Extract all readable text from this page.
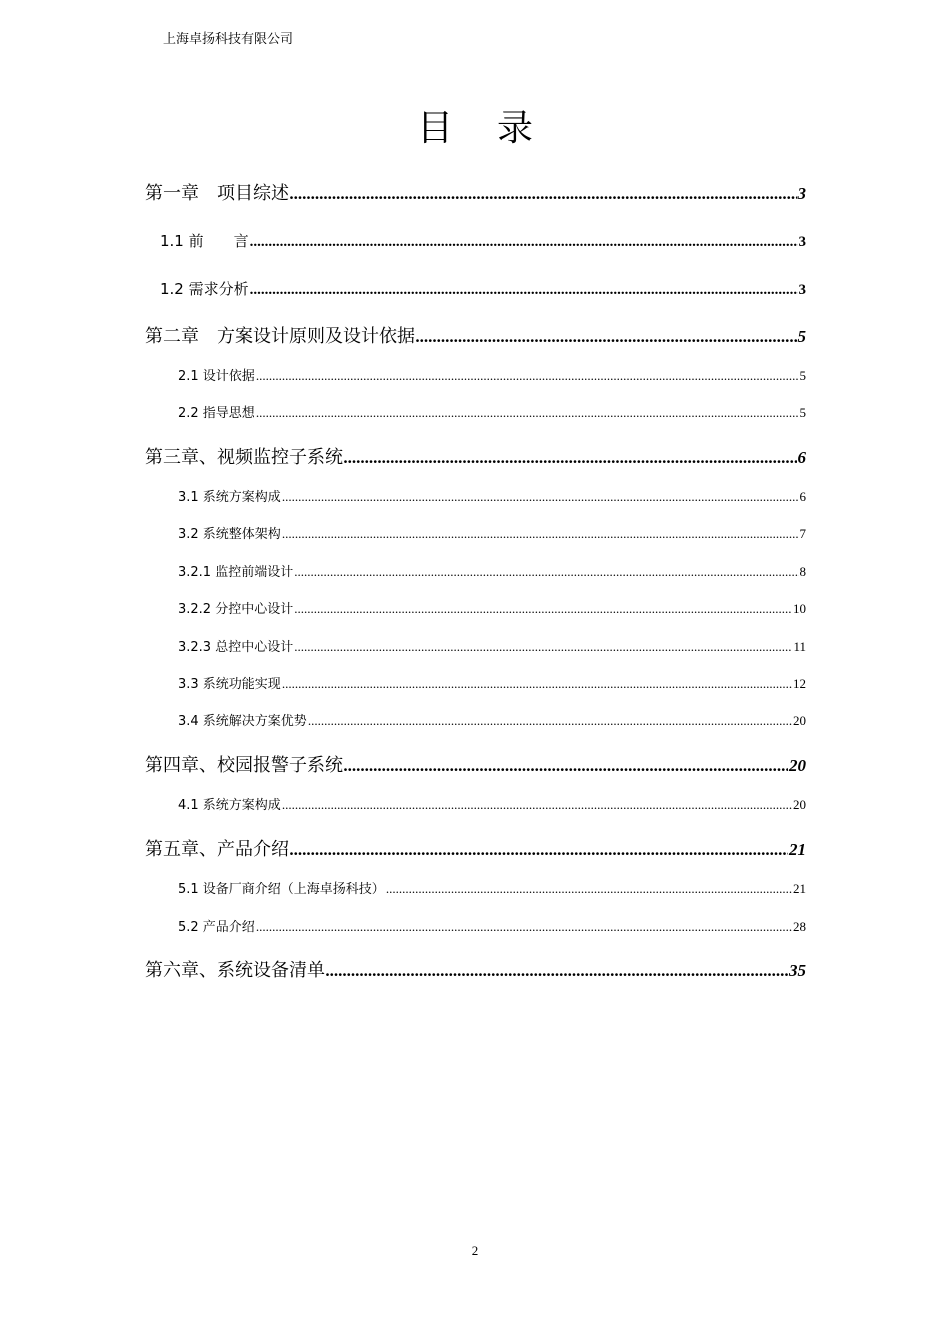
上海卓扬科技有限公司
目录
第一章　项目综述 .....	3
1.1 前　　言 .....	3
1.2 需求分析 .....	3
第二章　方案设计原则及设计依据 .....	5
2.1 设计依据 .....	5
2.2 指导思想 .....	5
第三章、视频监控子系统 .....	6
3.1 系统方案构成 .....	6
3.2 系统整体架构 .....	7
3.2.1 监控前端设计 .....	8
3.2.2 分控中心设计 .....	10
3.2.3 总控中心设计 .....	11
3.3 系统功能实现 .....	12
3.4 系统解决方案优势 .....	20
第四章、校园报警子系统 .....	20
4.1 系统方案构成 .....	20
第五章、产品介绍 .....	21
5.1 设备厂商介绍（上海卓扬科技） .....	21
5.2 产品介绍 .....	28
第六章、系统设备清单 .....	35
2
